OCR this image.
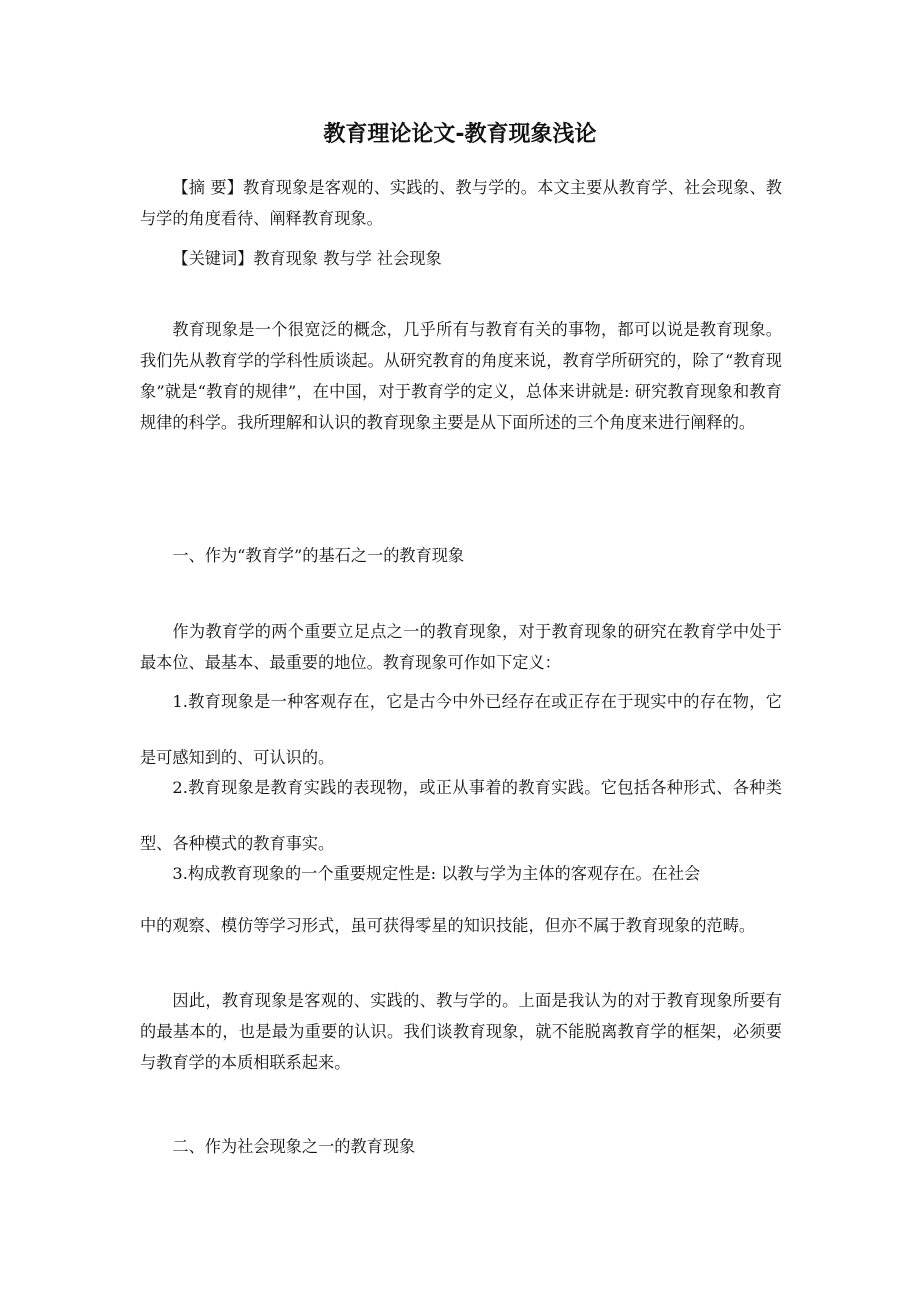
教育理论论文-教育现象浅论

【摘 要】教育现象是客观的、实践的、教与学的。本文主要从教育学、社会现象、教与学的角度看待、阐释教育现象。

【关键词】教育现象 教与学 社会现象

教育现象是一个很宽泛的概念，几乎所有与教育有关的事物，都可以说是教育现象。我们先从教育学的学科性质谈起。从研究教育的角度来说，教育学所研究的，除了“教育现象”就是“教育的规律”，在中国，对于教育学的定义，总体来讲就是: 研究教育现象和教育规律的科学。我所理解和认识的教育现象主要是从下面所述的三个角度来进行阐释的。

一、作为“教育学”的基石之一的教育现象

作为教育学的两个重要立足点之一的教育现象，对于教育现象的研究在教育学中处于最本位、最基本、最重要的地位。教育现象可作如下定义：

1.教育现象是一种客观存在，它是古今中外已经存在或正存在于现实中的存在物，它是可感知到的、可认识的。

2.教育现象是教育实践的表现物，或正从事着的教育实践。它包括各种形式、各种类型、各种模式的教育事实。

3.构成教育现象的一个重要规定性是: 以教与学为主体的客观存在。在社会

中的观察、模仿等学习形式，虽可获得零星的知识技能，但亦不属于教育现象的范畴。

因此，教育现象是客观的、实践的、教与学的。上面是我认为的对于教育现象所要有的最基本的，也是最为重要的认识。我们谈教育现象，就不能脱离教育学的框架，必须要与教育学的本质相联系起来。

二、作为社会现象之一的教育现象
